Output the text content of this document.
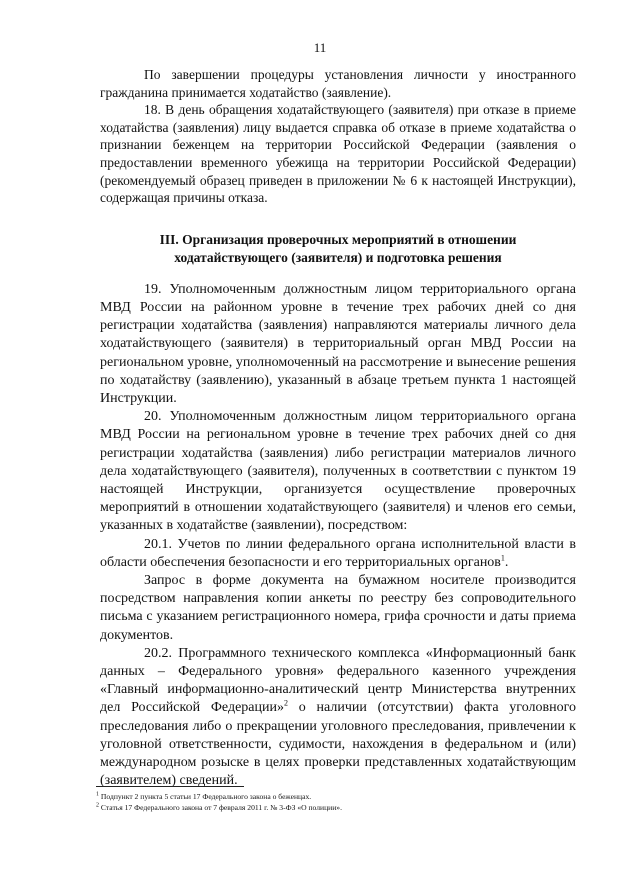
11

По завершении процедуры установления личности у иностранного гражданина принимается ходатайство (заявление).

18. В день обращения ходатайствующего (заявителя) при отказе в приеме ходатайства (заявления) лицу выдается справка об отказе в приеме ходатайства о признании беженцем на территории Российской Федерации (заявления о предоставлении временного убежища на территории Российской Федерации) (рекомендуемый образец приведен в приложении № 6 к настоящей Инструкции), содержащая причины отказа.

III. Организация проверочных мероприятий в отношении
ходатайствующего (заявителя) и подготовка решения

19. Уполномоченным должностным лицом территориального органа МВД России на районном уровне в течение трех рабочих дней со дня регистрации ходатайства (заявления) направляются материалы личного дела ходатайствующего (заявителя) в территориальный орган МВД России на региональном уровне, уполномоченный на рассмотрение и вынесение решения по ходатайству (заявлению), указанный в абзаце третьем пункта 1 настоящей Инструкции.

20. Уполномоченным должностным лицом территориального органа МВД России на региональном уровне в течение трех рабочих дней со дня регистрации ходатайства (заявления) либо регистрации материалов личного дела ходатайствующего (заявителя), полученных в соответствии с пунктом 19 настоящей Инструкции, организуется осуществление проверочных мероприятий в отношении ходатайствующего (заявителя) и членов его семьи, указанных в ходатайстве (заявлении), посредством:

20.1. Учетов по линии федерального органа исполнительной власти в области обеспечения безопасности и его территориальных органов$^1$.

Запрос в форме документа на бумажном носителе производится посредством направления копии анкеты по реестру без сопроводительного письма с указанием регистрационного номера, грифа срочности и даты приема документов.

20.2. Программного технического комплекса «Информационный банк данных – Федерального уровня» федерального казенного учреждения «Главный информационно-аналитический центр Министерства внутренних дел Российской Федерации»$^2$ о наличии (отсутствии) факта уголовного преследования либо о прекращении уголовного преследования, привлечении к уголовной ответственности, судимости, нахождения в федеральном и (или) международном розыске в целях проверки представленных ходатайствующим (заявителем) сведений.

$^1$ Подпункт 2 пункта 5 статьи 17 Федерального закона о беженцах.
$^2$ Статья 17 Федерального закона от 7 февраля 2011 г. № 3-ФЗ «О полиции».
